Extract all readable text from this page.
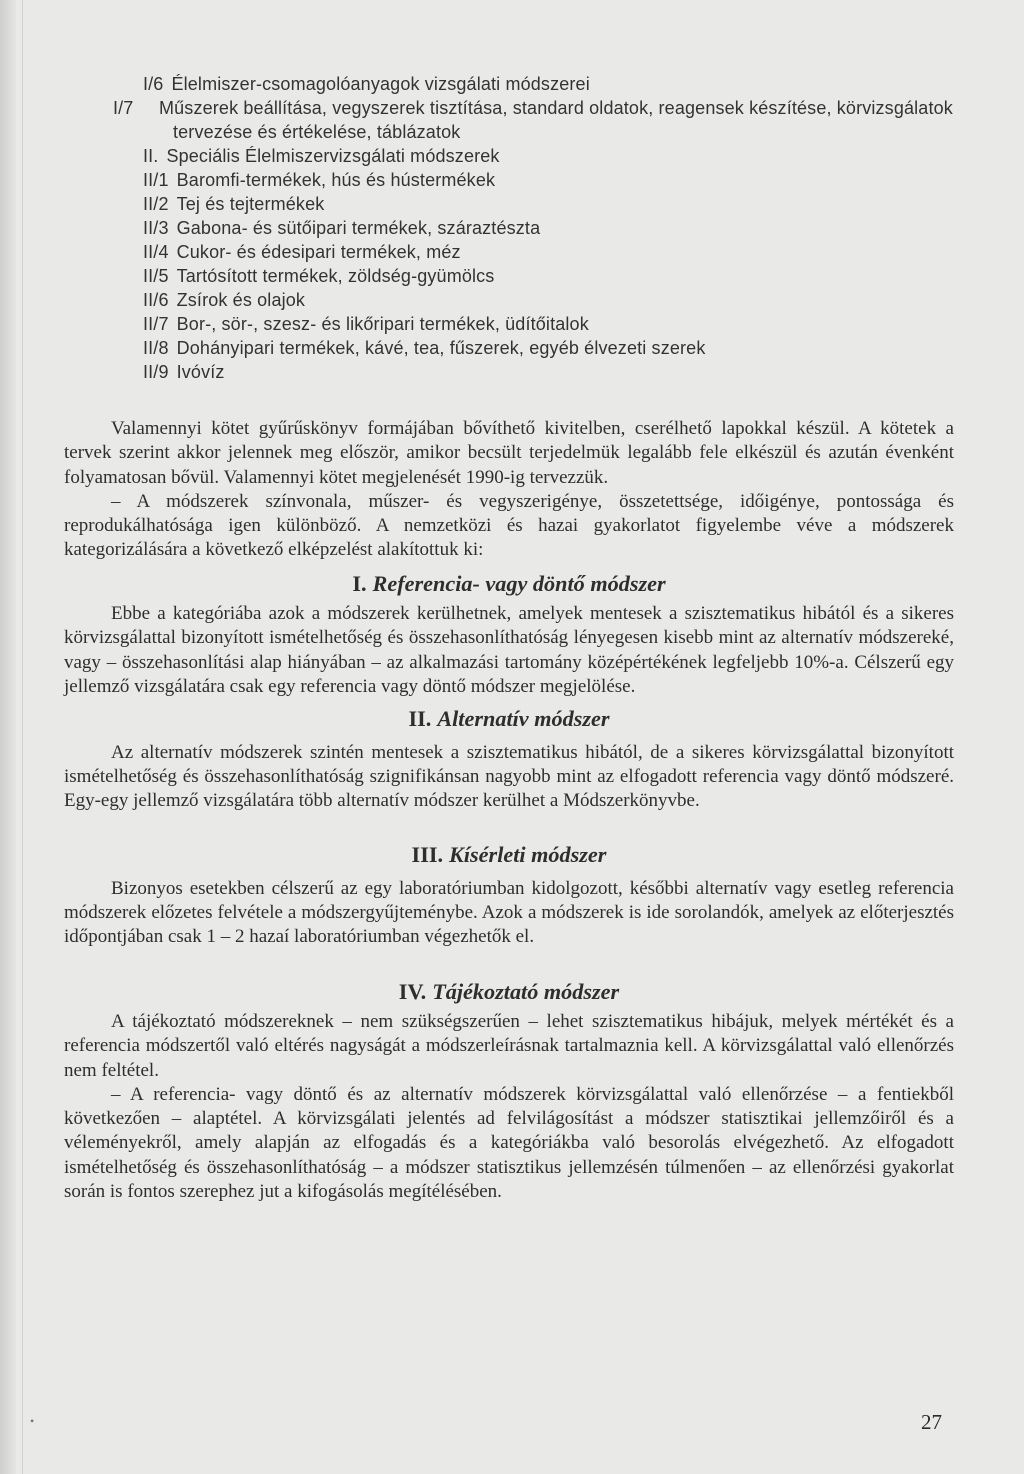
I/6 Élelmiszer-csomagolóanyagok vizsgálati módszerei
I/7 Műszerek beállítása, vegyszerek tisztítása, standard oldatok, reagensek készítése, körvizsgálatok tervezése és értékelése, táblázatok
II. Speciális Élelmiszervizsgálati módszerek
II/1 Baromfi-termékek, hús és hústermékek
II/2 Tej és tejtermékek
II/3 Gabona- és sütőipari termékek, száraztészta
II/4 Cukor- és édesipari termékek, méz
II/5 Tartósított termékek, zöldség-gyümölcs
II/6 Zsírok és olajok
II/7 Bor-, sör-, szesz- és likőripari termékek, üdítőitalok
II/8 Dohányipari termékek, kávé, tea, fűszerek, egyéb élvezeti szerek
II/9 Ivóvíz

Valamennyi kötet gyűrűskönyv formájában bővíthető kivitelben, cserélhető lapokkal készül. A kötetek a tervek szerint akkor jelennek meg először, amikor becsült terjedelmük legalább fele elkészül és azután évenként folyamatosan bővül. Valamennyi kötet megjelenését 1990-ig tervezzük.

– A módszerek színvonala, műszer- és vegyszerigénye, összetettsége, időigénye, pontossága és reprodukálhatósága igen különböző. A nemzetközi és hazai gyakorlatot figyelembe véve a módszerek kategorizálására a következő elképzelést alakítottuk ki:

I. Referencia- vagy döntő módszer

Ebbe a kategóriába azok a módszerek kerülhetnek, amelyek mentesek a szisztematikus hibától és a sikeres körvizsgálattal bizonyított ismételhetőség és összehasonlíthatóság lényegesen kisebb mint az alternatív módszereké, vagy – összehasonlítási alap hiányában – az alkalmazási tartomány középértékének legfeljebb 10%-a. Célszerű egy jellemző vizsgálatára csak egy referencia vagy döntő módszer megjelölése.

II. Alternatív módszer

Az alternatív módszerek szintén mentesek a szisztematikus hibától, de a sikeres körvizsgálattal bizonyított ismételhetőség és összehasonlíthatóság szignifikánsan nagyobb mint az elfogadott referencia vagy döntő módszeré. Egy-egy jellemző vizsgálatára több alternatív módszer kerülhet a Módszerkönyvbe.

III. Kísérleti módszer

Bizonyos esetekben célszerű az egy laboratóriumban kidolgozott, későbbi alternatív vagy esetleg referencia módszerek előzetes felvétele a módszergyűjteménybe. Azok a módszerek is ide sorolandók, amelyek az előterjesztés időpontjában csak 1 – 2 hazaí laboratóriumban végezhetők el.

IV. Tájékoztató módszer

A tájékoztató módszereknek – nem szükségszerűen – lehet szisztematikus hibájuk, melyek mértékét és a referencia módszertől való eltérés nagyságát a módszerleírásnak tartalmaznia kell. A körvizsgálattal való ellenőrzés nem feltétel.

– A referencia- vagy döntő és az alternatív módszerek körvizsgálattal való ellenőrzése – a fentiekből következően – alaptétel. A körvizsgálati jelentés ad felvilágosítást a módszer statisztikai jellemzőiről és a véleményekről, amely alapján az elfogadás és a kategóriákba való besorolás elvégezhető. Az elfogadott ismételhetőség és összehasonlíthatóság – a módszer statisztikus jellemzésén túlmenően – az ellenőrzési gyakorlat során is fontos szerephez jut a kifogásolás megítélésében.

•	27
